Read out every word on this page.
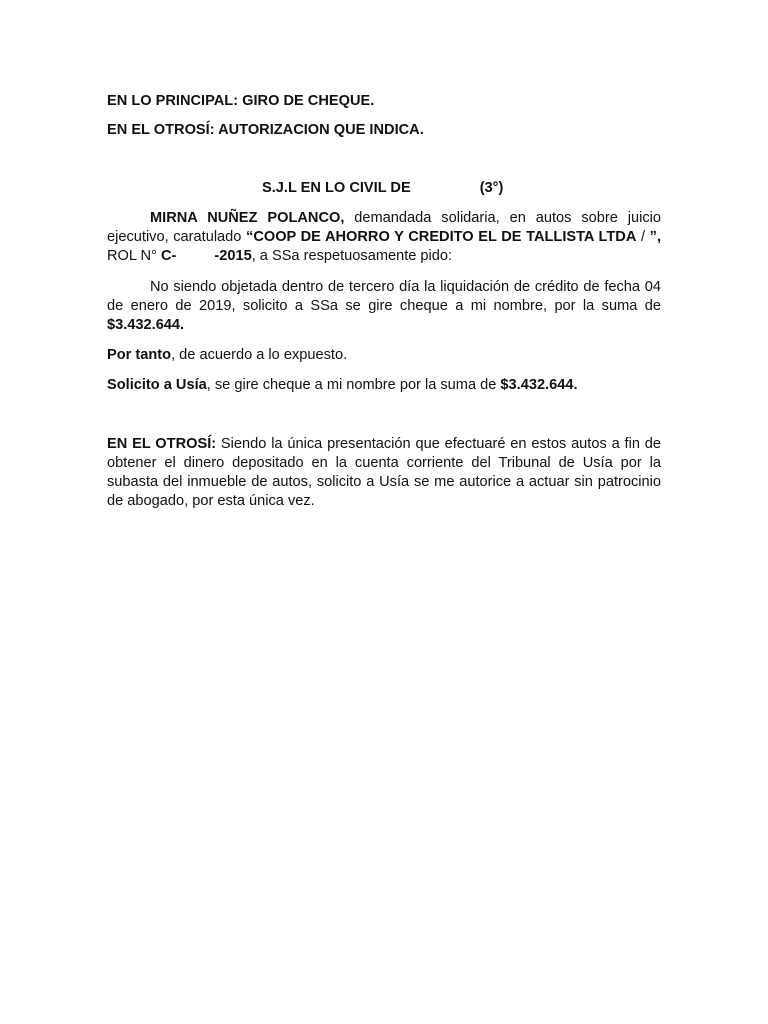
EN LO PRINCIPAL: GIRO DE CHEQUE.
EN EL OTROSÍ: AUTORIZACION QUE INDICA.
S.J.L EN LO CIVIL DE	(3°)
MIRNA NUÑEZ POLANCO, demandada solidaria, en autos sobre juicio ejecutivo, caratulado “COOP DE AHORRO Y CREDITO EL DE TALLISTA LTDA / ”, ROL N° C-	-2015, a SSa respetuosamente pido:
No siendo objetada dentro de tercero día la liquidación de crédito de fecha 04 de enero de 2019, solicito a SSa se gire cheque a mi nombre, por la suma de $3.432.644.
Por tanto, de acuerdo a lo expuesto.
Solicito a Usía, se gire cheque a mi nombre por la suma de $3.432.644.
EN EL OTROSÍ: Siendo la única presentación que efectuaré en estos autos a fin de obtener el dinero depositado en la cuenta corriente del Tribunal de Usía por la subasta del inmueble de autos, solicito a Usía se me autorice a actuar sin patrocinio de abogado, por esta única vez.
